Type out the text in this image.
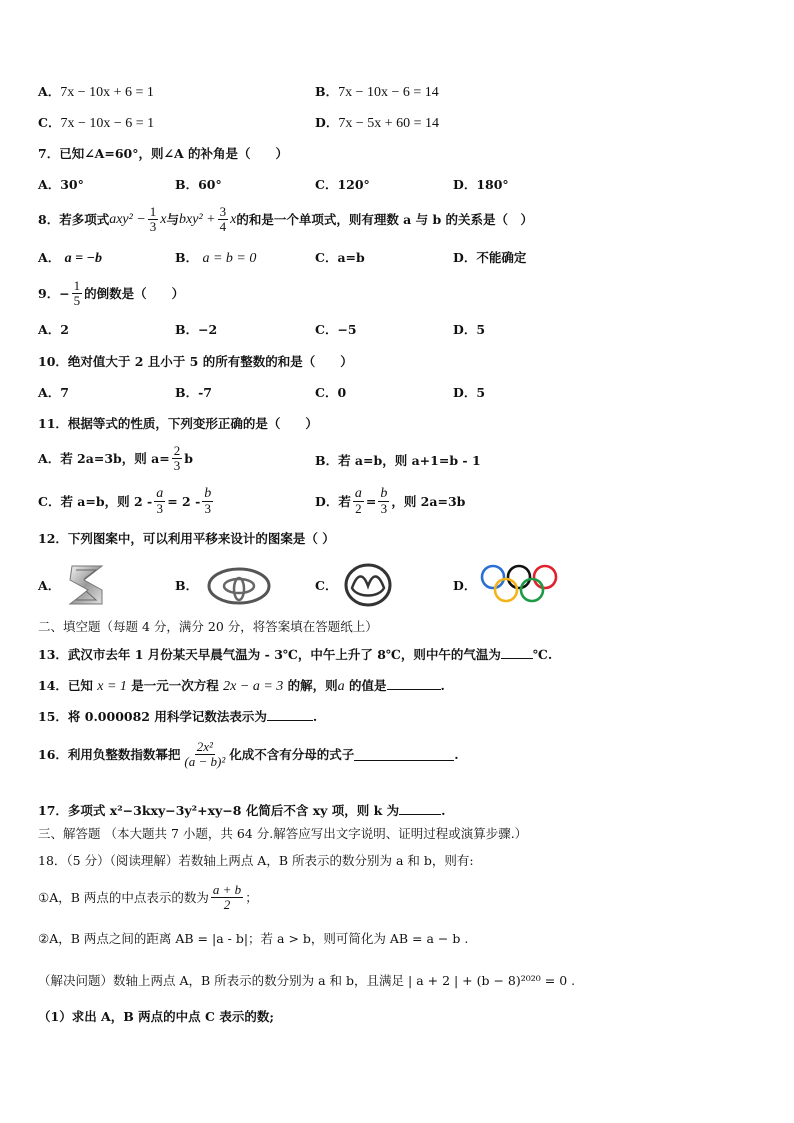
A．7x − 10x + 6 = 1	B．7x − 10x − 6 = 14
C．7x − 10x − 6 = 1	D．7x − 5x + 60 = 14
7．已知∠A=60°，则∠A 的补角是（　　）
A．30°	B．60°	C．120°	D．180°
8．若多项式 $axy^2 - \frac{1}{3}$ x 与 $bxy^2 + \frac{3}{4}$ x 的和是一个单项式，则有理数 a 与 b 的关系是（　）
A． a = −b	B． a = b = 0	C．a=b	D．不能确定
9．− $\frac{1}{5}$ 的倒数是（　　）
A．2	B．−2	C．−5	D．5
10．绝对值大于 2 且小于 5 的所有整数的和是（　　）
A．7	B．-7	C．0	D．5
11．根据等式的性质，下列变形正确的是（　　）
A．若 2a=3b，则 $a= \frac{2}{3}$ b	B．若 a=b，则 a+1=b - 1
C．若 a=b，则 $2 - \frac{a}{3} = 2 - \frac{b}{3}$	D．若 $\frac{a}{2} = \frac{b}{3}$ ，则 2a=3b
12．下列图案中，可以利用平移来设计的图案是（ ）
A．	B．	C．	D．
二、填空题（每题 4 分，满分 20 分，将答案填在答题纸上）
13．武汉市去年 1 月份某天早晨气温为 - 3℃，中午上升了 8℃，则中午的气温为	℃.
14．已知 x = 1 是一元一次方程 2x − a = 3 的解，则a 的值是	.
15．将 0.000082 用科学记数法表示为	.
16．利用负整数指数幂把 $\frac{\text{2x²}}{\text{(a − b)²}}$ 化成不含有分母的式子	.
17．多项式 x²−3kxy−3y²+xy−8 化简后不含 xy 项，则 k 为	.
三、解答题 （本大题共 7 小题，共 64 分.解答应写出文字说明、证明过程或演算步骤.）
18．（5 分）（阅读理解）若数轴上两点 A，B 所表示的数分别为 a 和 b，则有:
①A，B 两点的中点表示的数为 $\frac{a + b}{2}$ ；
②A，B 两点之间的距离 AB = |a - b|；若 a > b，则可简化为 AB = a − b .
（解决问题）数轴上两点 A，B 所表示的数分别为 a 和 b，且满足 | a + 2 | + (b − 8)²⁰²⁰ = 0 .
（1）求出 A，B 两点的中点 C 表示的数;
